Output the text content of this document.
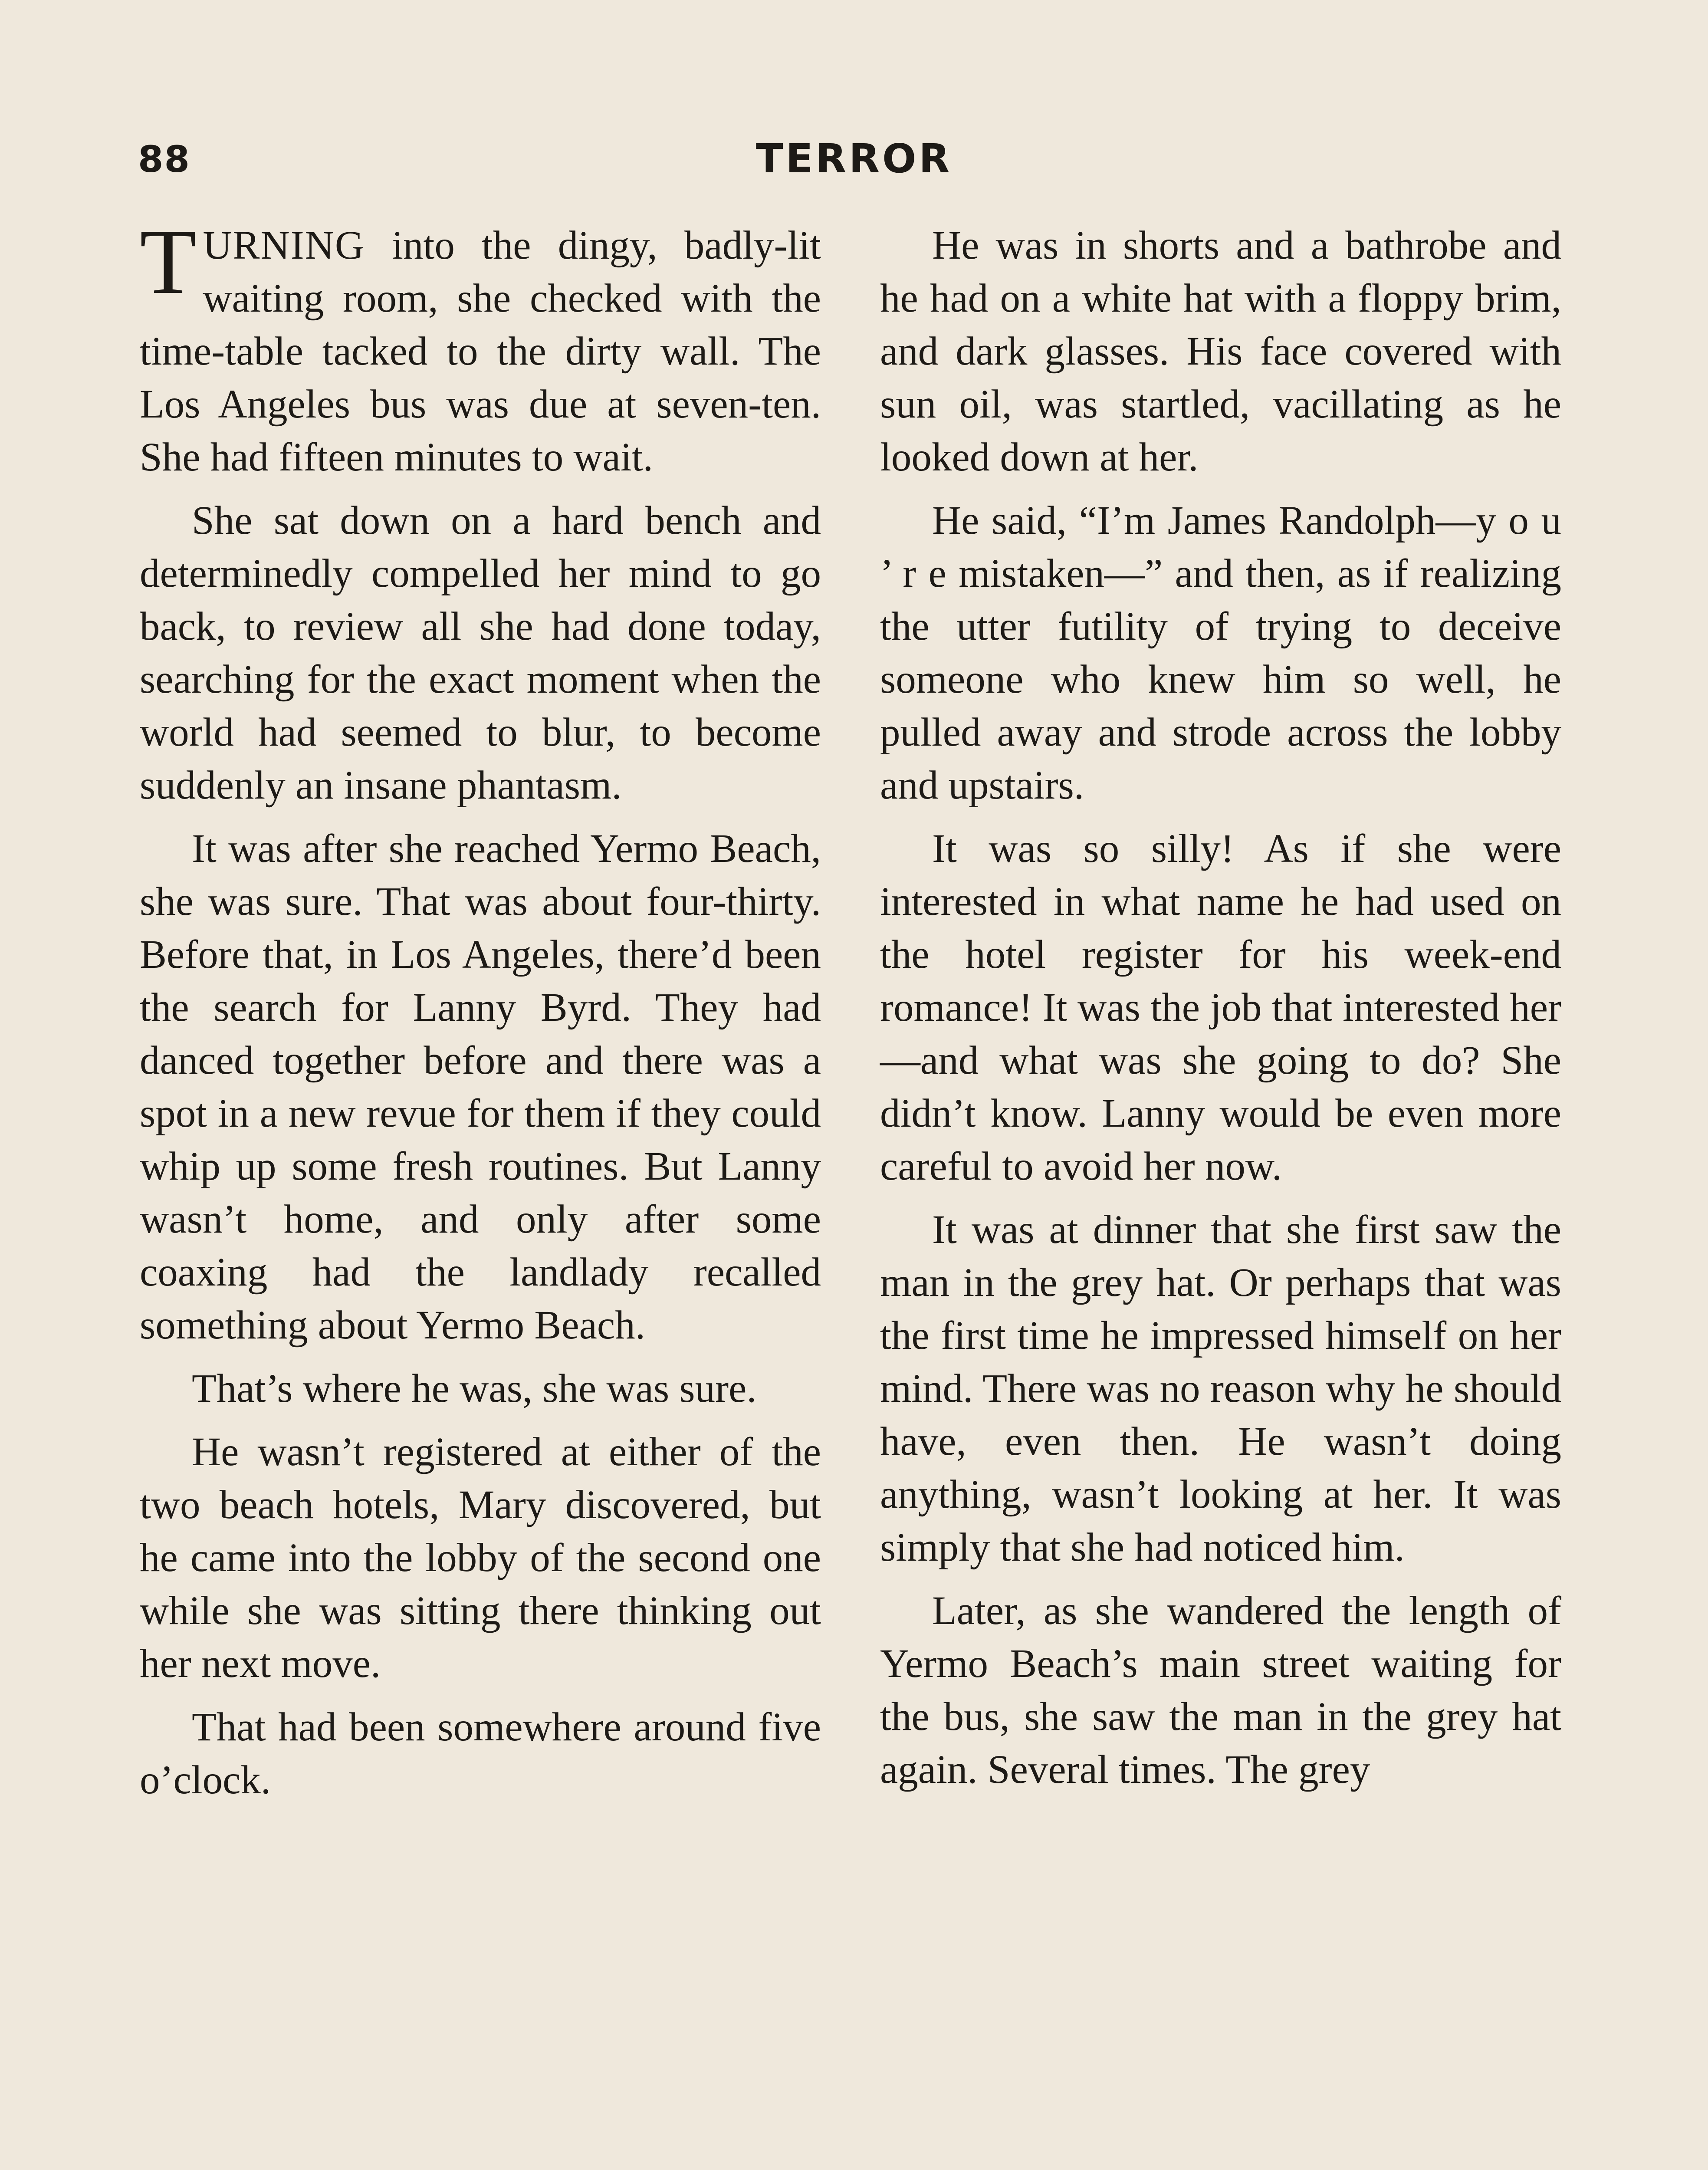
88	TERROR

TURNING into the dingy, badly-lit waiting room, she checked with the time-table tacked to the dirty wall. The Los Angeles bus was due at seven-ten. She had fifteen minutes to wait.

She sat down on a hard bench and determinedly compelled her mind to go back, to review all she had done today, searching for the exact moment when the world had seemed to blur, to become suddenly an insane phantasm.

It was after she reached Yermo Beach, she was sure. That was about four-thirty. Before that, in Los Angeles, there’d been the search for Lanny Byrd. They had danced together before and there was a spot in a new revue for them if they could whip up some fresh routines. But Lanny wasn’t home, and only after some coaxing had the landlady recalled something about Yermo Beach.

That’s where he was, she was sure.

He wasn’t registered at either of the two beach hotels, Mary discovered, but he came into the lobby of the second one while she was sitting there thinking out her next move.

That had been somewhere around five o’clock.

He was in shorts and a bathrobe and he had on a white hat with a floppy brim, and dark glasses. His face covered with sun oil, was startled, vacillating as he looked down at her.

He said, “I’m James Randolph—y o u ’ r e mistaken—” and then, as if realizing the utter futility of trying to deceive someone who knew him so well, he pulled away and strode across the lobby and upstairs.

It was so silly! As if she were interested in what name he had used on the hotel register for his week-end romance! It was the job that interested her—and what was she going to do? She didn’t know. Lanny would be even more careful to avoid her now.

It was at dinner that she first saw the man in the grey hat. Or perhaps that was the first time he impressed himself on her mind. There was no reason why he should have, even then. He wasn’t doing anything, wasn’t looking at her. It was simply that she had noticed him.

Later, as she wandered the length of Yermo Beach’s main street waiting for the bus, she saw the man in the grey hat again. Several times. The grey
